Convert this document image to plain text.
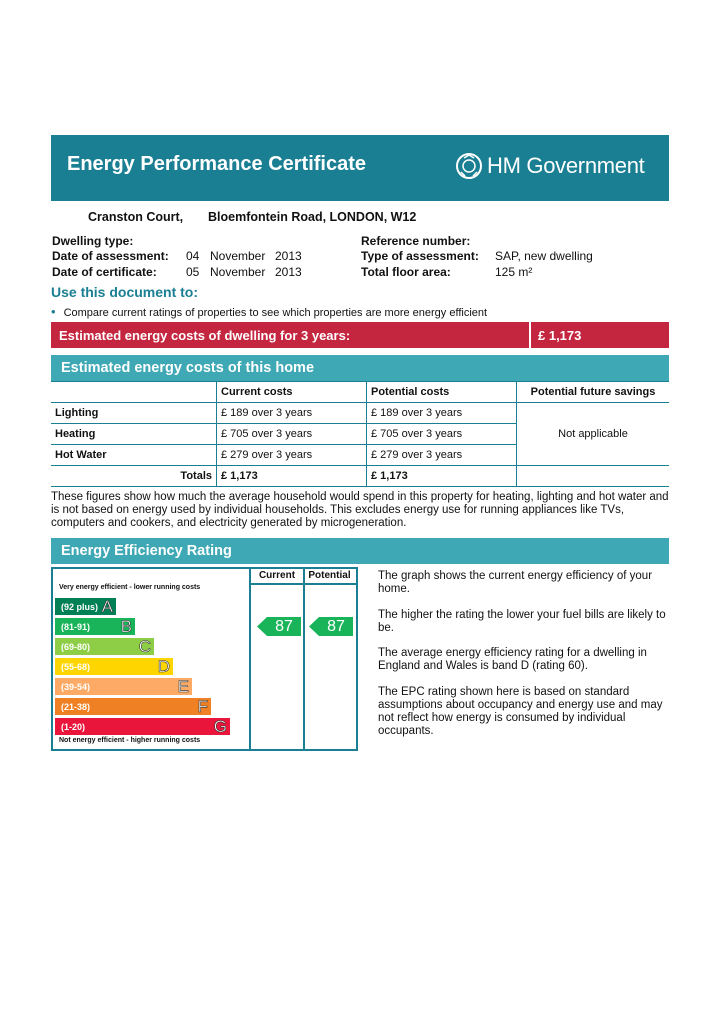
Energy Performance Certificate	HM Government
Cranston Court, Bloemfontein Road, LONDON, W12
Dwelling type:
Date of assessment: 04 November 2013
Date of certificate: 05 November 2013
Reference number:
Type of assessment: SAP, new dwelling
Total floor area:	125 m²
Use this document to:
• Compare current ratings of properties to see which properties are more energy efficient
Estimated energy costs of dwelling for 3 years:	£ 1,173
Estimated energy costs of this home
	Current costs	Potential costs	Potential future savings
Lighting	£ 189 over 3 years	£ 189 over 3 years	Not applicable
Heating	£ 705 over 3 years	£ 705 over 3 years	
Hot Water	£ 279 over 3 years	£ 279 over 3 years	
Totals	£ 1,173	£ 1,173	
These figures show how much the average household would spend in this property for heating, lighting and hot water and is not based on energy used by individual households. This excludes energy use for running appliances like TVs, computers and cookers, and electricity generated by microgeneration.
Energy Efficiency Rating
Very energy efficient - lower running costs
(92 plus) A
(81-91) B
(69-80)	C
(55-68)	D
(39-54)	E
(21-38)	F
(1-20)	G
Not energy efficient - higher running costs
Current
87
Potential
87
The graph shows the current energy efficiency of your home.
The higher the rating the lower your fuel bills are likely to be.
The average energy efficiency rating for a dwelling in England and Wales is band D (rating 60).
The EPC rating shown here is based on standard assumptions about occupancy and energy use and may not reflect how energy is consumed by individual occupants.
